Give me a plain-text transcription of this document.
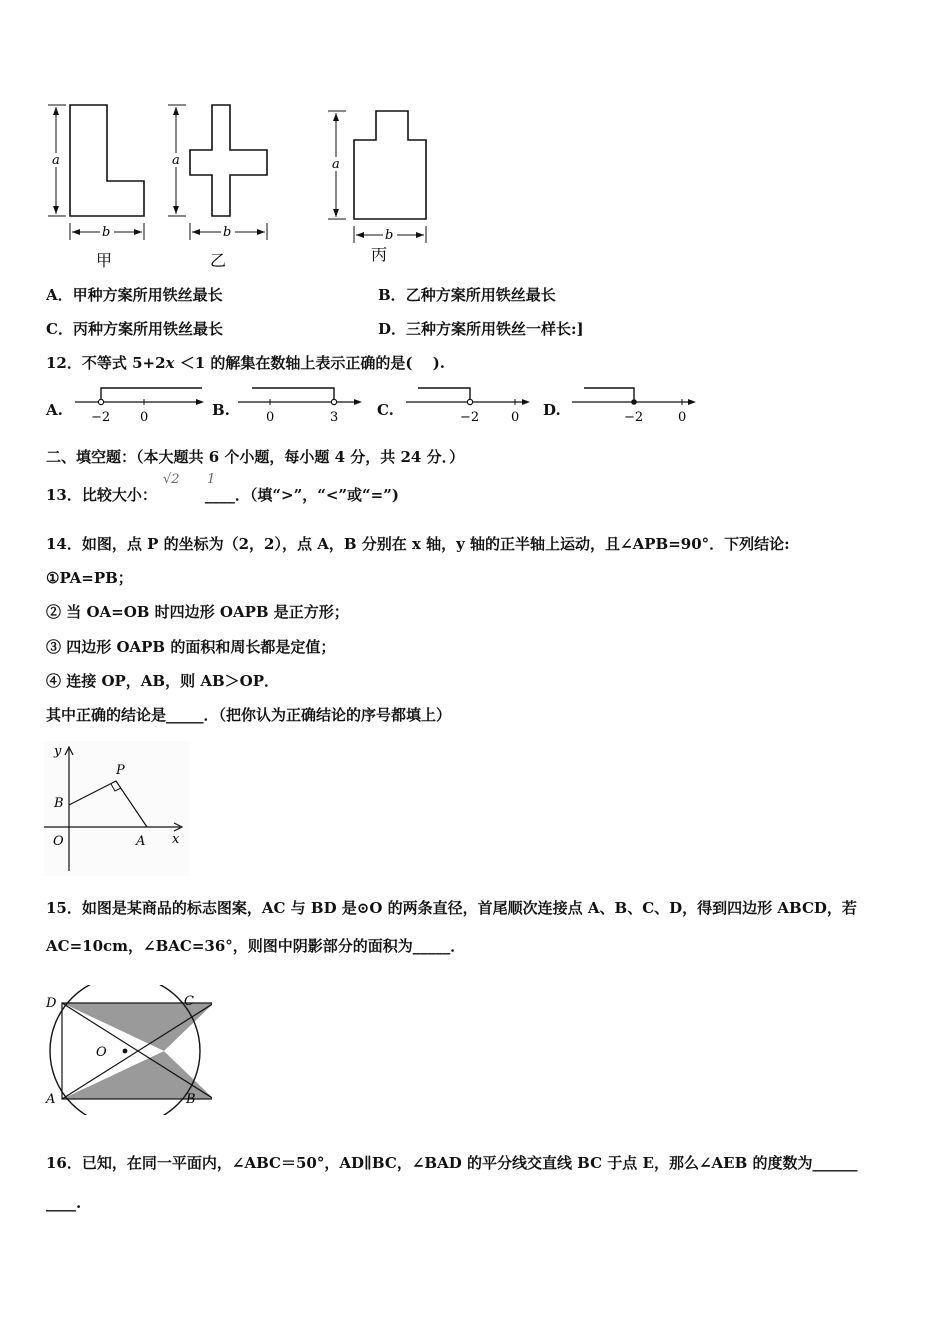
a	a	a
b	b	b
甲	乙	丙
A．甲种方案所用铁丝最长	B．乙种方案所用铁丝最长
C．丙种方案所用铁丝最长	D．三种方案所用铁丝一样长:]
12．不等式 5+2x ＜1 的解集在数轴上表示正确的是(　 ).
A. −2 0	B.	0	3	C.	−2 0 D.	−2	0
二、填空题：（本大题共 6 个小题，每小题 4 分，共 24 分．）
13．比较大小：	____．（填“>”，“<”或“=”)
√2 1
14．如图，点 P 的坐标为（2，2），点 A，B 分别在 x 轴，y 轴的正半轴上运动，且∠APB=90°．下列结论:
①PA=PB；
② 当 OA=OB 时四边形 OAPB 是正方形；
③ 四边形 OAPB 的面积和周长都是定值；
④ 连接 OP，AB，则 AB＞OP．
其中正确的结论是_____．（把你认为正确结论的序号都填上）
y
P
B
O	A x
15．如图是某商品的标志图案，AC 与 BD 是⊙O 的两条直径，首尾顺次连接点 A、B、C、D，得到四边形 ABCD，若
AC=10cm，∠BAC=36°，则图中阴影部分的面积为_____．
D	C
O
A	B
16．已知，在同一平面内，∠ABC＝50°，AD∥BC，∠BAD 的平分线交直线 BC 于点 E，那么∠AEB 的度数为______
____.
